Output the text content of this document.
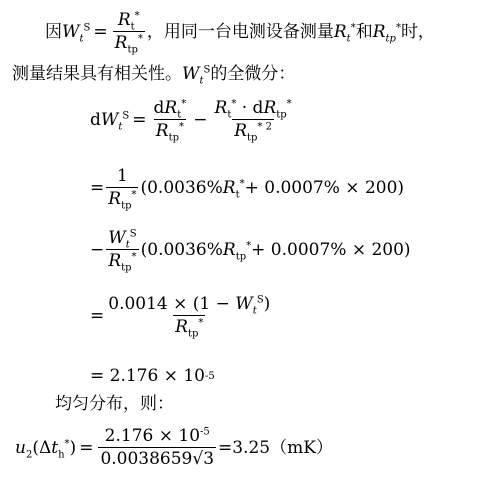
因 $W_t^S = \frac{R_t^*}{R_{tp}^*}$ ，用同一台电测设备测量 $R_t^*$ 和 $R_{tp}^*$ 时，
测量结果具有相关性。 $W_t^S$ 的全微分：
$dW_t^S = \frac{dR_t^*}{R_{tp}^*} - \frac{R_t^* \cdot dR_{tp}^*}{R_{tp}^{* 2}}$
= $\frac{1}{R_{tp}^*} (0.0036\%$ $R_t^* + 0.0007\% \times 200$)
− $\frac{W_t^S}{R_{tp}^*} (0.0036\%$ $R_{tp}^* + 0.0007\% \times 200$)
= $\frac{0.0014 \times (1 - W_t^S)}{R_{tp}^*}$
= 2.176 × 10 -5
均匀分布，则：
$u_2$ $(\Delta t_h^*) = \frac{2.176 \times 10^{-5}}{0.0038659√3} =3.25(mK)$
